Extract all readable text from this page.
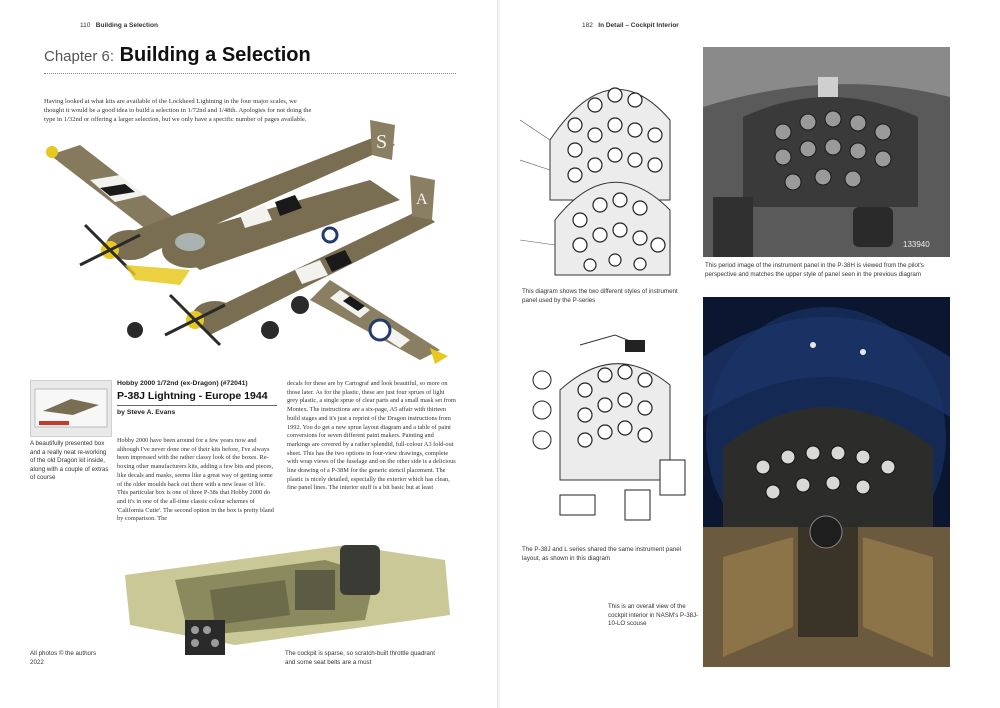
110 Building a Selection
Chapter 6: Building a Selection
Having looked at what kits are available of the Lockheed Lightning in the four major scales, we thought it would be a good idea to build a selection in 1/72nd and 1/48th. Apologies for not doing the type in 1/32nd or offering a larger selection, but we only have a specific number of pages available.
S
A
A beautifully presented box and a really neat re-working of the old Dragon kit inside, along with a couple of extras of course
Hobby 2000 1/72nd (ex-Dragon) (#72041)
P-38J Lightning - Europe 1944
by Steve A. Evans

Hobby 2000 have been around for a few years now and although I've never done one of their kits before, I've always been impressed with the rather classy look of the boxes. Re-boxing other manufacturers kits, adding a few bits and pieces, like decals and masks, seems like a great way of getting some of the older moulds back out there with a new lease of life. This particular box is one of three P-38s that Hobby 2000 do and it's in one of the all-time classic colour schemes of 'California Cutie'. The second option in the box is pretty bland by comparison. The

decals for these are by Cartograf and look beautiful, so more on those later. As for the plastic, these are just four sprues of light grey plastic, a single sprue of clear parts and a small mask set from Montex. The instructions are a six-page, A5 affair with thirteen build stages and it's just a reprint of the Dragon instructions from 1992. You do get a new sprue layout diagram and a table of paint conversions for seven different paint makers. Painting and markings are covered by a rather splendid, full-colour A3 fold-out sheet. This has the two options in four-view drawings, complete with wrap views of the fuselage and on the other side is a delicious line drawing of a P-38M for the generic stencil placement. The plastic is nicely detailed, especially the exterior which has clean, fine panel lines. The interior stuff is a bit basic but at least

All photos © the authors 2022
The cockpit is sparse, so scratch-built throttle quadrant and some seat belts are a must
182 In Detail – Cockpit Interior
This diagram shows the two different styles of instrument panel used by the P-series
133940
This period image of the instrument panel in the P-38H is viewed from the pilot's perspective and matches the upper style of panel seen in the previous diagram
The P-38J and L series shared the same instrument panel layout, as shown in this diagram
This is an overall view of the cockpit interior in NASM's P-38J-10-LO scouse
